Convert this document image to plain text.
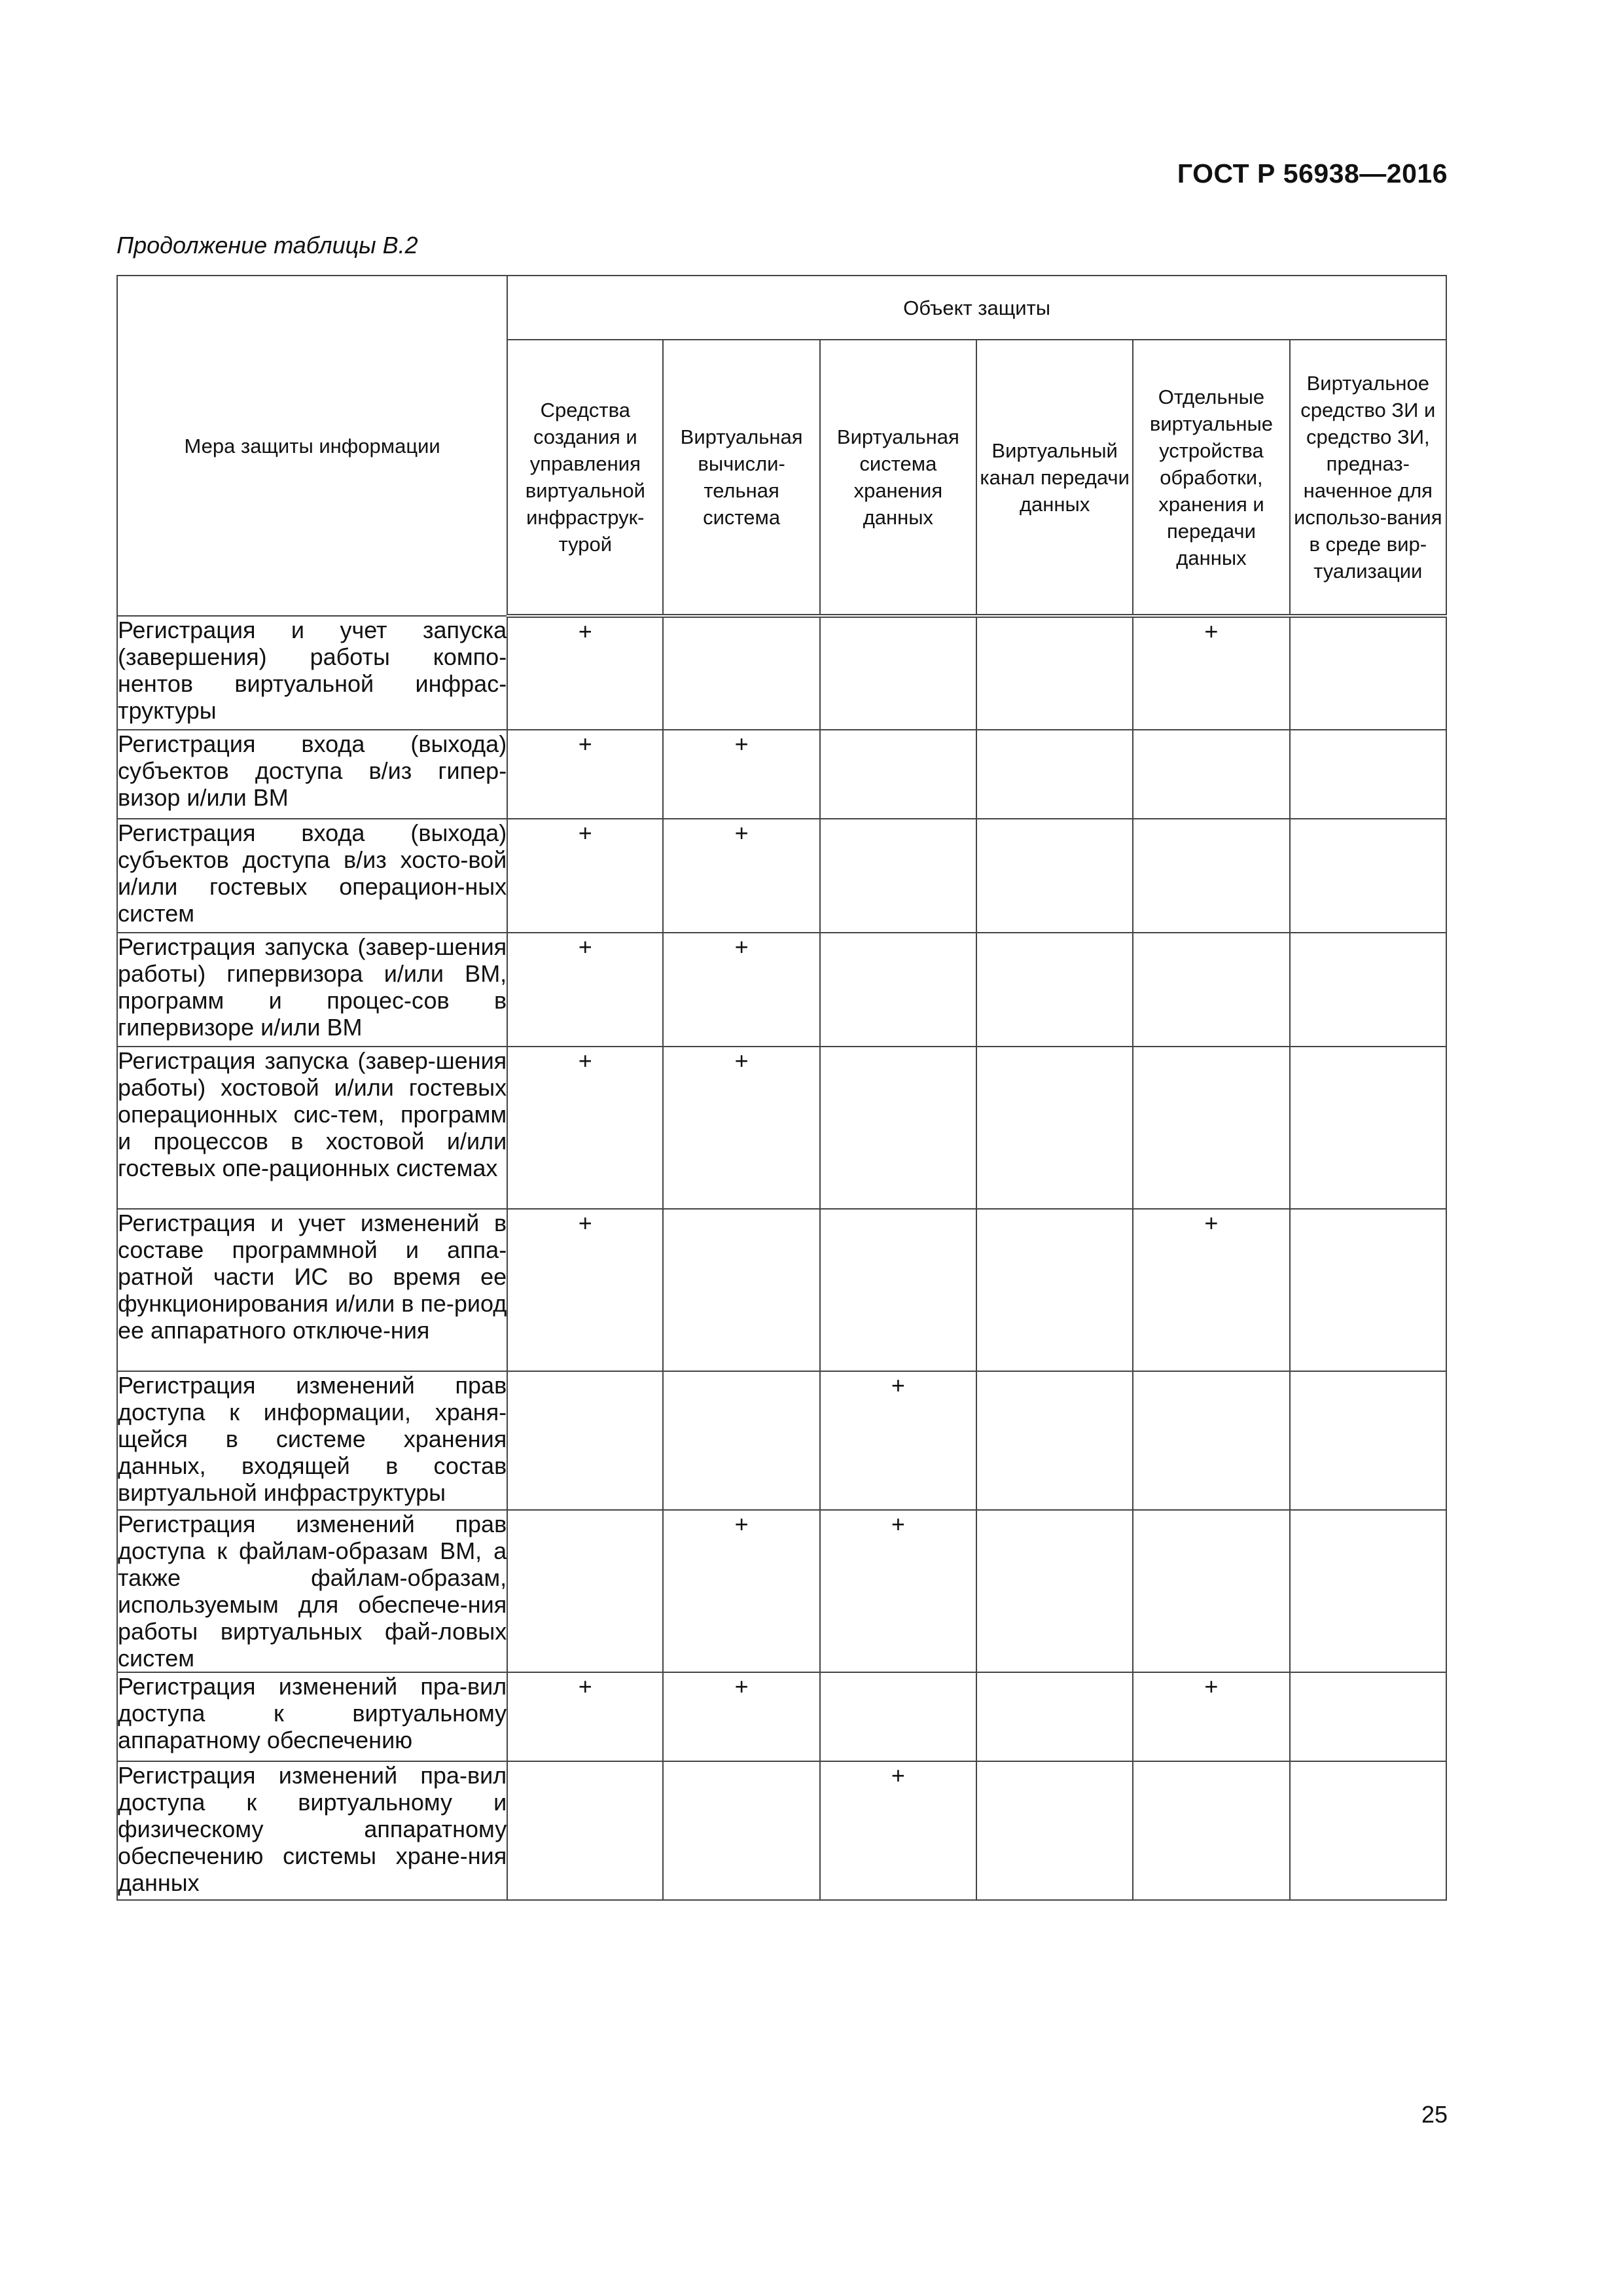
ГОСТ Р 56938—2016
Продолжение таблицы В.2
Мера защиты информации	Объект защиты					
	Средства создания и управления виртуальной инфраструк-турой	Виртуальная вычисли-тельная система	Виртуальная система хранения данных	Виртуальный канал передачи данных	Отдельные виртуальные устройства обработки, хранения и передачи данных	Виртуальное средство ЗИ и средство ЗИ, предназ-наченное для использо-вания в среде вир-туализации
Регистрация и учет запуска (завершения) работы компо-нентов виртуальной инфрас-труктуры	+				+	
Регистрация входа (выхода) субъектов доступа в/из гипер-визор и/или ВМ	+	+				
Регистрация входа (выхода) субъектов доступа в/из хосто-вой и/или гостевых операцион-ных систем	+	+				
Регистрация запуска (завер-шения работы) гипервизора и/или ВМ, программ и процес-сов в гипервизоре и/или ВМ	+	+				
Регистрация запуска (завер-шения работы) хостовой и/или гостевых операционных сис-тем, программ и процессов в хостовой и/или гостевых опе-рационных системах	+	+				
Регистрация и учет изменений в составе программной и аппа-ратной части ИС во время ее функционирования и/или в пе-риод ее аппаратного отключе-ния	+				+	
Регистрация изменений прав доступа к информации, храня-щейся в системе хранения данных, входящей в состав виртуальной инфраструктуры			+			
Регистрация изменений прав доступа к файлам-образам ВМ, а также файлам-образам, используемым для обеспече-ния работы виртуальных фай-ловых систем		+	+			
Регистрация изменений пра-вил доступа к виртуальному аппаратному обеспечению	+	+			+	
Регистрация изменений пра-вил доступа к виртуальному и физическому аппаратному обеспечению системы хране-ния данных			+			
25
